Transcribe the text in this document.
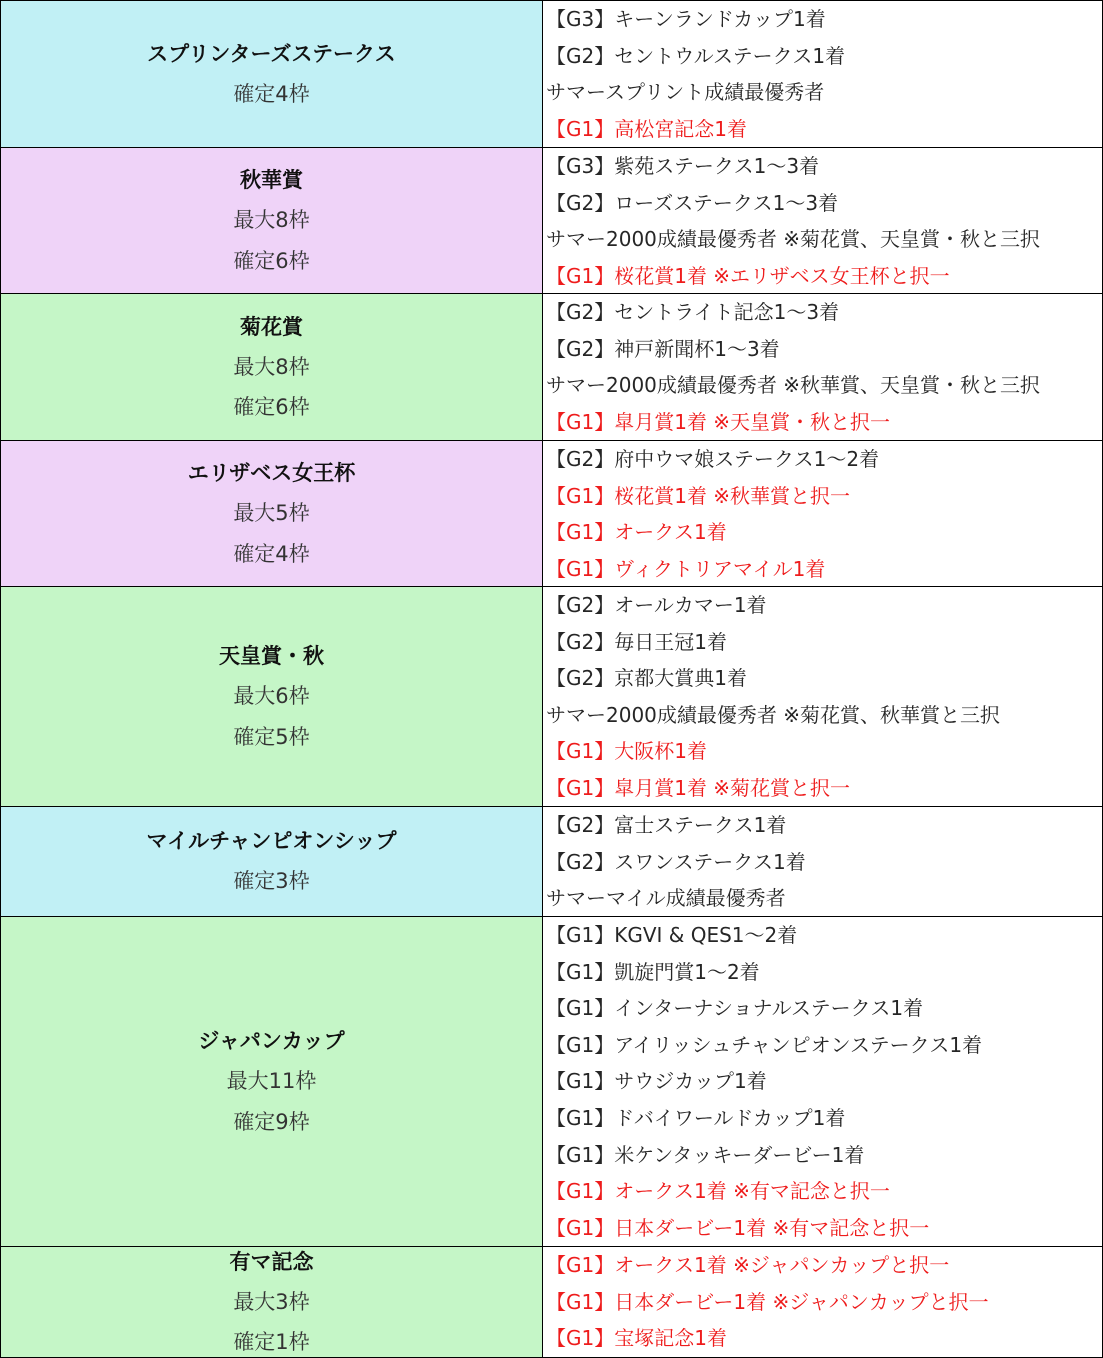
スプリンターズステークス
確定4枠
【G3】キーンランドカップ1着
【G2】セントウルステークス1着
サマースプリント成績最優秀者
【G1】高松宮記念1着
秋華賞
最大8枠
確定6枠
【G3】紫苑ステークス1～3着
【G2】ローズステークス1～3着
サマー2000成績最優秀者 ※菊花賞、天皇賞・秋と三択
【G1】桜花賞1着 ※エリザベス女王杯と択一
菊花賞
最大8枠
確定6枠
【G2】セントライト記念1～3着
【G2】神戸新聞杯1～3着
サマー2000成績最優秀者 ※秋華賞、天皇賞・秋と三択
【G1】皐月賞1着 ※天皇賞・秋と択一
エリザベス女王杯
最大5枠
確定4枠
【G2】府中ウマ娘ステークス1～2着
【G1】桜花賞1着 ※秋華賞と択一
【G1】オークス1着
【G1】ヴィクトリアマイル1着
天皇賞・秋
最大6枠
確定5枠
【G2】オールカマー1着
【G2】毎日王冠1着
【G2】京都大賞典1着
サマー2000成績最優秀者 ※菊花賞、秋華賞と三択
【G1】大阪杯1着
【G1】皐月賞1着 ※菊花賞と択一
マイルチャンピオンシップ
確定3枠
【G2】富士ステークス1着
【G2】スワンステークス1着
サマーマイル成績最優秀者
ジャパンカップ
最大11枠
確定9枠
【G1】KGVI & QES1～2着
【G1】凱旋門賞1～2着
【G1】インターナショナルステークス1着
【G1】アイリッシュチャンピオンステークス1着
【G1】サウジカップ1着
【G1】ドバイワールドカップ1着
【G1】米ケンタッキーダービー1着
【G1】オークス1着 ※有マ記念と択一
【G1】日本ダービー1着 ※有マ記念と択一
有マ記念
最大3枠
確定1枠
【G1】オークス1着 ※ジャパンカップと択一
【G1】日本ダービー1着 ※ジャパンカップと択一
【G1】宝塚記念1着
